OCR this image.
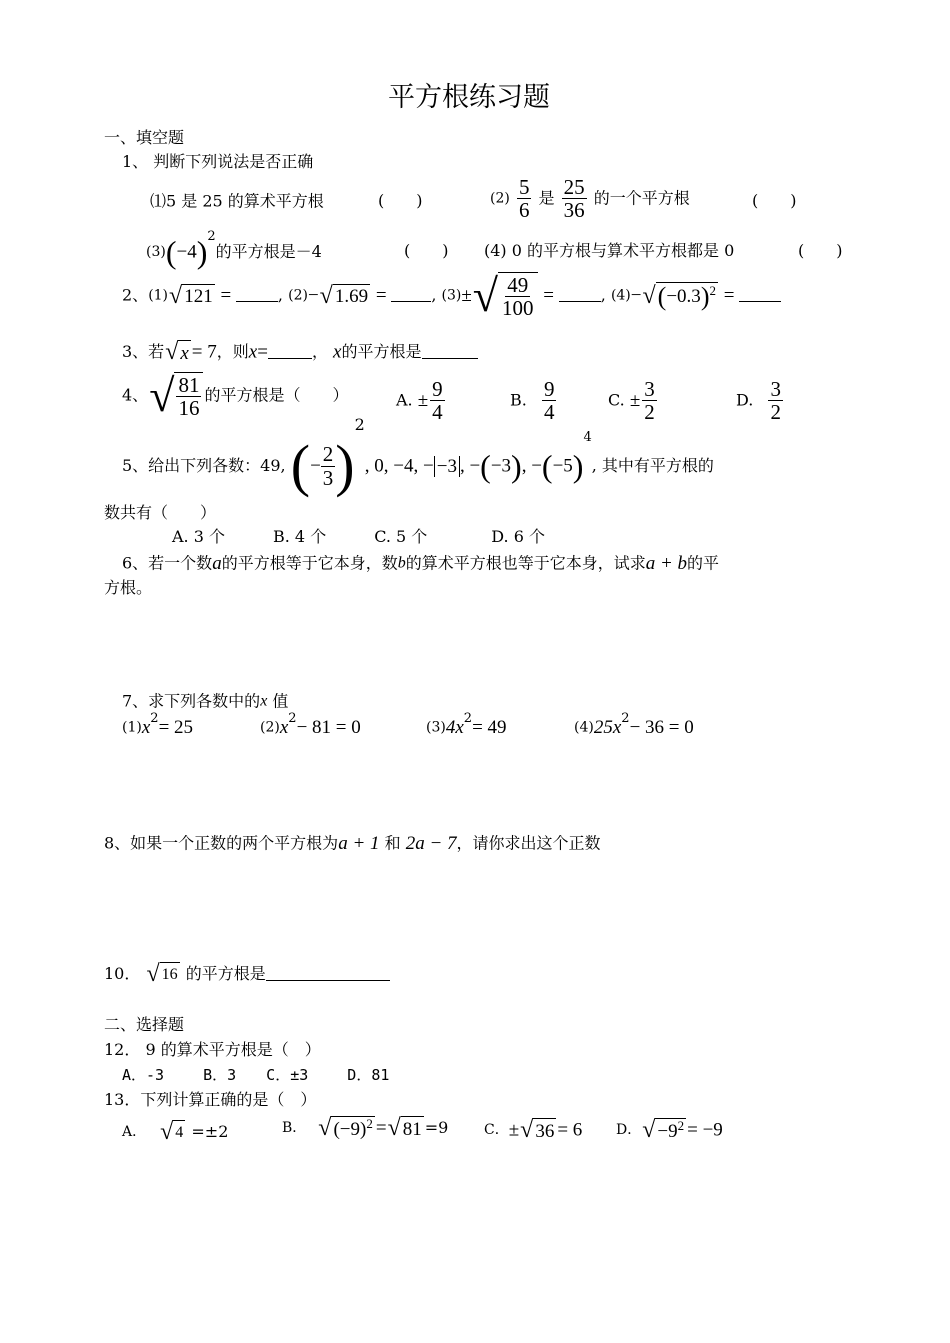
平方根练习题
一、填空题
1、 判断下列说法是否正确
⑴5 是 25 的算术平方根	(　　)	$(2) \frac{5}{6}$ 是 $\frac{25}{36}$ 的一个平方根	(　　)
$(3)(-4)^2$的平方根是－4	(　　) (4) 0 的平方根与算术平方根都是 0	(　　)
2、(1) √ 121 =	, (2)− √ 1.69 =	, (3)± √ 49
100
=	, (4)− √ ( −0.3 ) 2 =
3、若 √ x = 7，则x=	， x的平方根是
4、 √ 81
16
的平方根是（　　）	A. ± $\frac{9}{4}$	B. $\frac{9}{4}$	C. ± $\frac{3}{2}$	D. $\frac{3}{2}$
5、给出下列各数：49, (− $\frac{2}{3} )2$, 0, −4, − −3 , −(−3), $-(-5)^4$, 其中有平方根的
数共有（　　）
A. 3 个　　　B. 4 个　　　C. 5 个　　　　D. 6 个
6、若一个数a的平方根等于它本身，数b的算术平方根也等于它本身，试求a + b的平
方根。
7、求下列各数中的x 值
$(1)x^2= 25$	$(2)x^2- 81 = 0$	$(3)4x^2= 49$	$(4)25x^2- 36 = 0$
8、如果一个正数的两个平方根为a + 1 和 2a − 7，请你求出这个正数
10． √ 16 的平方根是
二、选择题
12． 9 的算术平方根是（　）
A．-3　　 B．3　　C．±3　　 D．81
13．下列计算正确的是（　）
A． √ 4 =±2	B． √ (−9) 2 = √ 81 =9	C．± √ 36 = 6 D． √ −9 2 = −9
